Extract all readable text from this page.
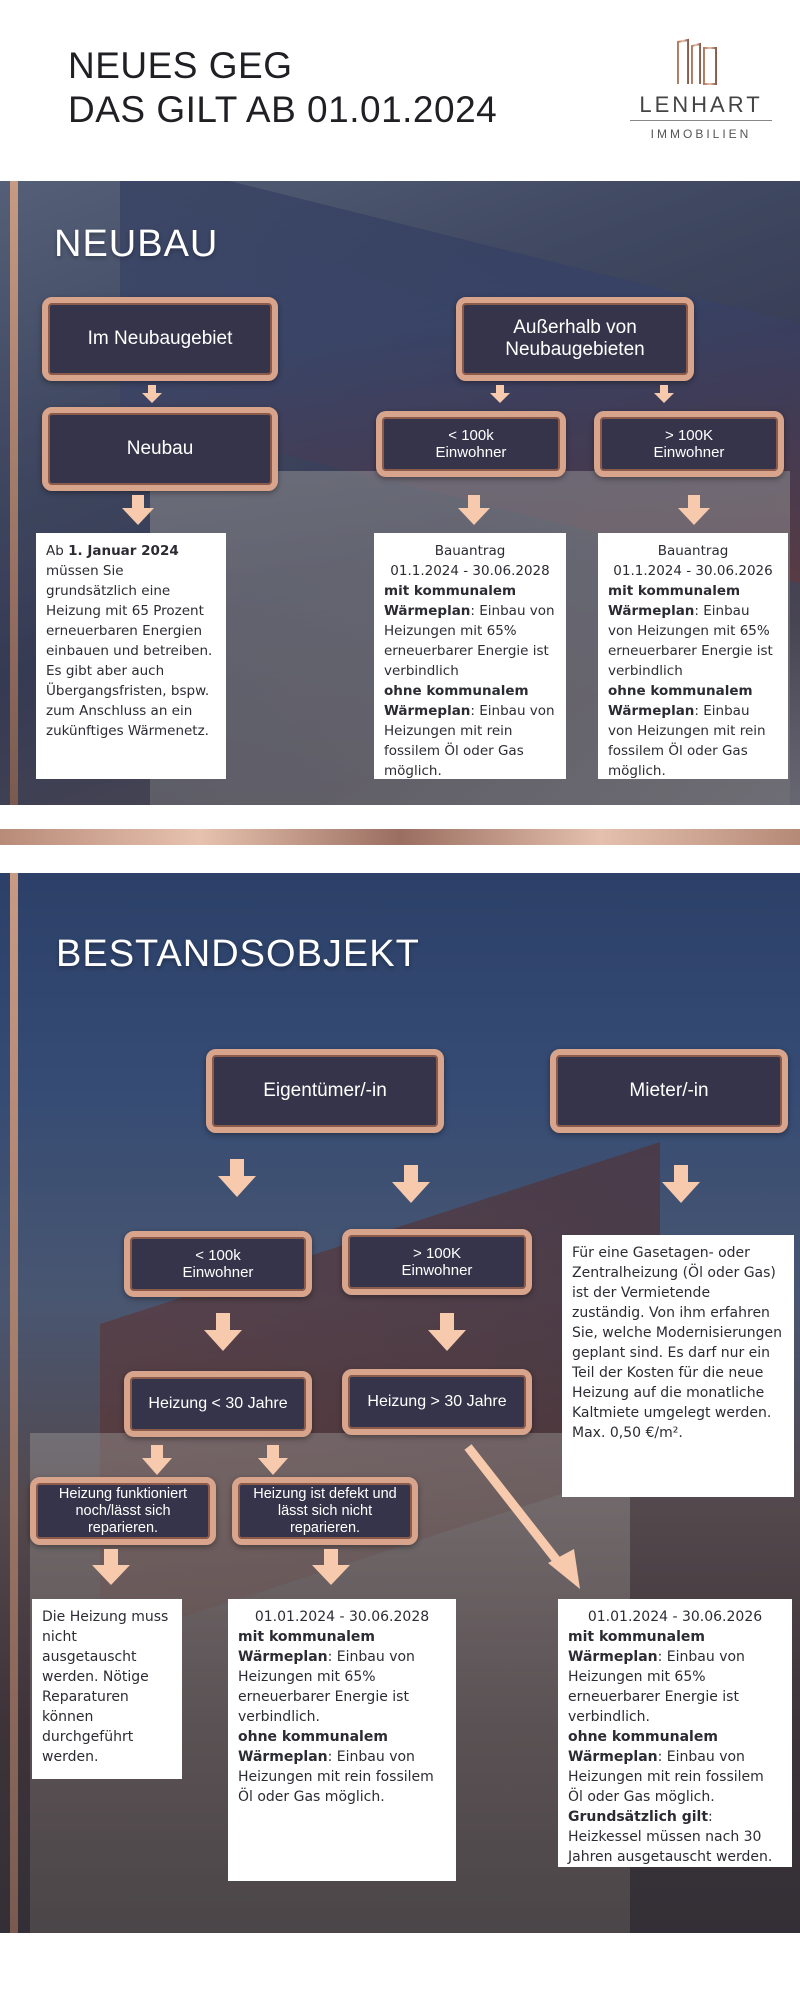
NEUES GEG
DAS GILT AB 01.01.2024	LENHART
IMMOBILIEN
NEUBAU
Im Neubaugebiet
Neubau
Außerhalb von Neubaugebieten
< 100k Einwohner
> 100K Einwohner
Ab 1. Januar 2024 müssen Sie grundsätzlich eine Heizung mit 65 Prozent erneuerbaren Energien einbauen und betreiben. Es gibt aber auch Übergangsfristen, bspw. zum Anschluss an ein zukünftiges Wärmenetz.
Bauantrag
01.1.2024 - 30.06.2028
mit kommunalem Wärmeplan: Einbau von Heizungen mit 65% erneuerbarer Energie ist verbindlich
ohne kommunalem Wärmeplan: Einbau von Heizungen mit rein fossilem Öl oder Gas möglich.
Bauantrag
01.1.2024 - 30.06.2026
mit kommunalem Wärmeplan: Einbau von Heizungen mit 65% erneuerbarer Energie ist verbindlich
ohne kommunalem Wärmeplan: Einbau von Heizungen mit rein fossilem Öl oder Gas möglich.
BESTANDSOBJEKT
Eigentümer/-in	Mieter/-in
< 100k Einwohner
> 100K Einwohner
Für eine Gasetagen- oder Zentralheizung (Öl oder Gas) ist der Vermietende zuständig. Von ihm erfahren Sie, welche Modernisierungen geplant sind. Es darf nur ein Teil der Kosten für die neue Heizung auf die monatliche Kaltmiete umgelegt werden. Max. 0,50 €/m².
Heizung < 30 Jahre	Heizung > 30 Jahre
Heizung funktioniert noch/lässt sich reparieren.
Heizung ist defekt und lässt sich nicht reparieren.
Die Heizung muss nicht ausgetauscht werden. Nötige Reparaturen können durchgeführt werden.
01.01.2024 - 30.06.2028
mit kommunalem Wärmeplan: Einbau von Heizungen mit 65% erneuerbarer Energie ist verbindlich.
ohne kommunalem Wärmeplan: Einbau von Heizungen mit rein fossilem Öl oder Gas möglich.
01.01.2024 - 30.06.2026
mit kommunalem Wärmeplan: Einbau von Heizungen mit 65% erneuerbarer Energie ist verbindlich.
ohne kommunalem Wärmeplan: Einbau von Heizungen mit rein fossilem Öl oder Gas möglich.
Grundsätzlich gilt: Heizkessel müssen nach 30 Jahren ausgetauscht werden.
